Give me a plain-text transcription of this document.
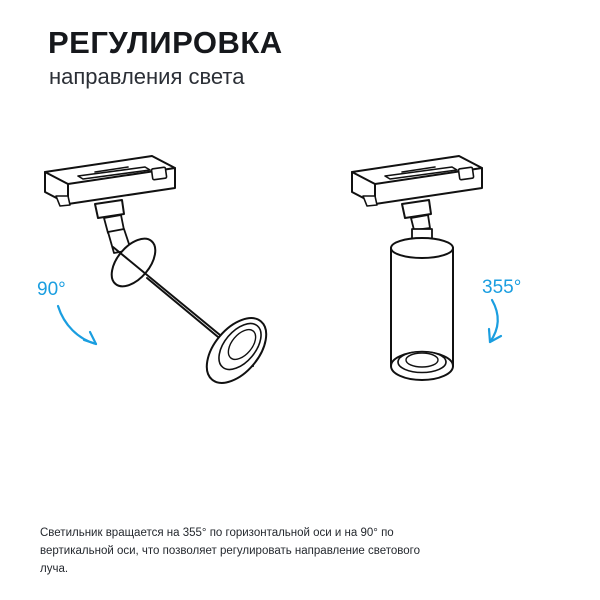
РЕГУЛИРОВКА
направления света
90°	355°
Светильник вращается на 355° по горизонтальной оси и на 90° по вертикальной оси, что позволяет регулировать направление светового луча.
